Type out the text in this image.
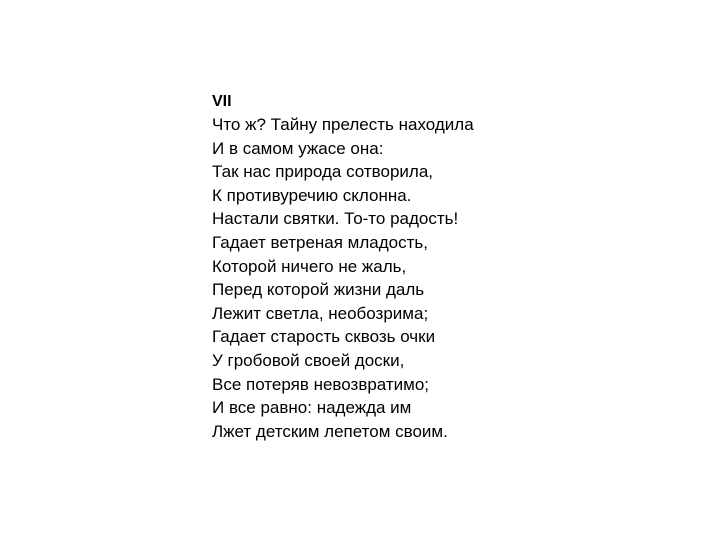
VII
Что ж? Тайну прелесть находила
И в самом ужасе она:
Так нас природа сотворила,
К противуречию склонна.
Настали святки. То-то радость!
Гадает ветреная младость,
Которой ничего не жаль,
Перед которой жизни даль
Лежит светла, необозрима;
Гадает старость сквозь очки
У гробовой своей доски,
Все потеряв невозвратимо;
И все равно: надежда им
Лжет детским лепетом своим.
